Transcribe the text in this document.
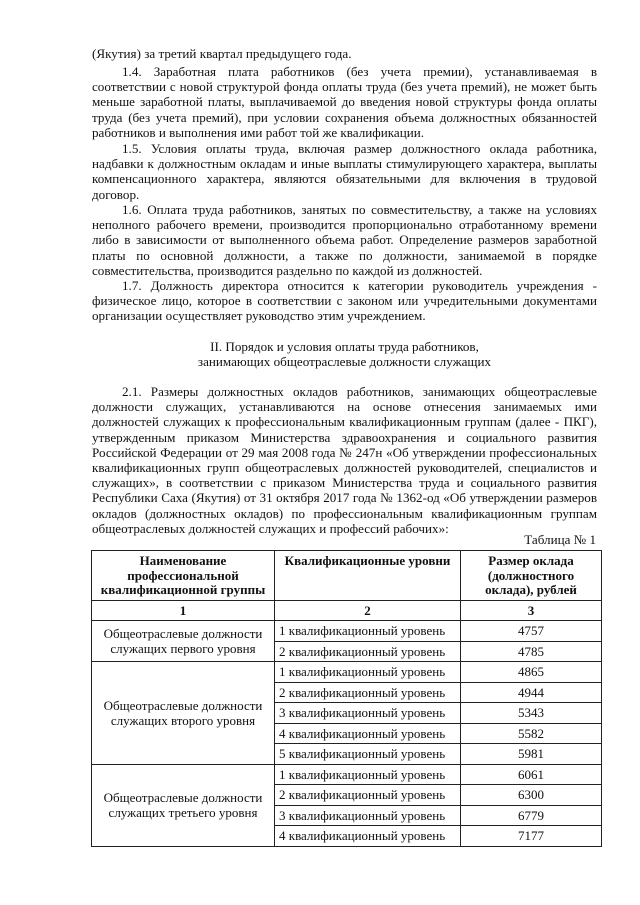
(Якутия) за третий квартал предыдущего года.
1.4. Заработная плата работников (без учета премии), устанавливаемая в соответствии с новой структурой фонда оплаты труда (без учета премий), не может быть меньше заработной платы, выплачиваемой до введения новой структуры фонда оплаты труда (без учета премий), при условии сохранения объема должностных обязанностей работников и выполнения ими работ той же квалификации.
1.5. Условия оплаты труда, включая размер должностного оклада работника, надбавки к должностным окладам и иные выплаты стимулирующего характера, выплаты компенсационного характера, являются обязательными для включения в трудовой договор.
1.6. Оплата труда работников, занятых по совместительству, а также на условиях неполного рабочего времени, производится пропорционально отработанному времени либо в зависимости от выполненного объема работ. Определение размеров заработной платы по основной должности, а также по должности, занимаемой в порядке совместительства, производится раздельно по каждой из должностей.
1.7. Должность директора относится к категории руководитель учреждения - физическое лицо, которое в соответствии с законом или учредительными документами организации осуществляет руководство этим учреждением.
II. Порядок и условия оплаты труда работников,
занимающих общеотраслевые должности служащих
2.1. Размеры должностных окладов работников, занимающих общеотраслевые должности служащих, устанавливаются на основе отнесения занимаемых ими должностей служащих к профессиональным квалификационным группам (далее - ПКГ), утвержденным приказом Министерства здравоохранения и социального развития Российской Федерации от 29 мая 2008 года № 247н «Об утверждении профессиональных квалификационных групп общеотраслевых должностей руководителей, специалистов и служащих», в соответствии с приказом Министерства труда и социального развития Республики Саха (Якутия) от 31 октября 2017 года № 1362-од «Об утверждении размеров окладов (должностных окладов) по профессиональным квалификационным группам общеотраслевых должностей служащих и профессий рабочих»:
Таблица № 1
Наименование профессиональной квалификационной группы	Квалификационные уровни	Размер оклада (должностного оклада), рублей
1	2	3
Общеотраслевые должности служащих первого уровня	1 квалификационный уровень	4757
	2 квалификационный уровень	4785
Общеотраслевые должности служащих второго уровня	1 квалификационный уровень	4865
	2 квалификационный уровень	4944
	3 квалификационный уровень	5343
	4 квалификационный уровень	5582
	5 квалификационный уровень	5981
Общеотраслевые должности служащих третьего уровня	1 квалификационный уровень	6061
	2 квалификационный уровень	6300
	3 квалификационный уровень	6779
	4 квалификационный уровень	7177
